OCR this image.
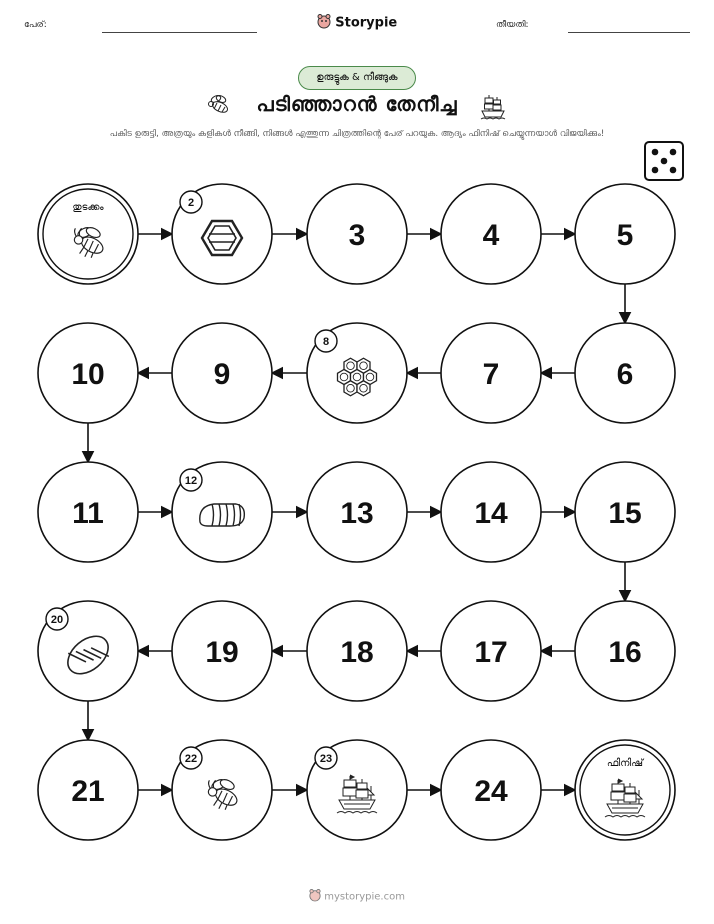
പേര്:	Storypie	തീയതി:
ഉരുട്ടുക & നീങ്ങുക
പടിഞ്ഞാറൻ തേനീച്ച
പകിട ഉരുട്ടി, അത്രയും കളികൾ നീങ്ങി, നിങ്ങൾ എത്തുന്ന ചിത്രത്തിന്റെ പേര് പറയുക. ആദ്യം ഫിനിഷ് ചെയ്യുന്നയാൾ വിജയിക്കും!
തുടക്കം	2
3	4	5
10	9
8
7	6
11
12
13	14	15
20
19	18	17	16
21
22	23
24
ഫിനിഷ്
mystorypie.com
